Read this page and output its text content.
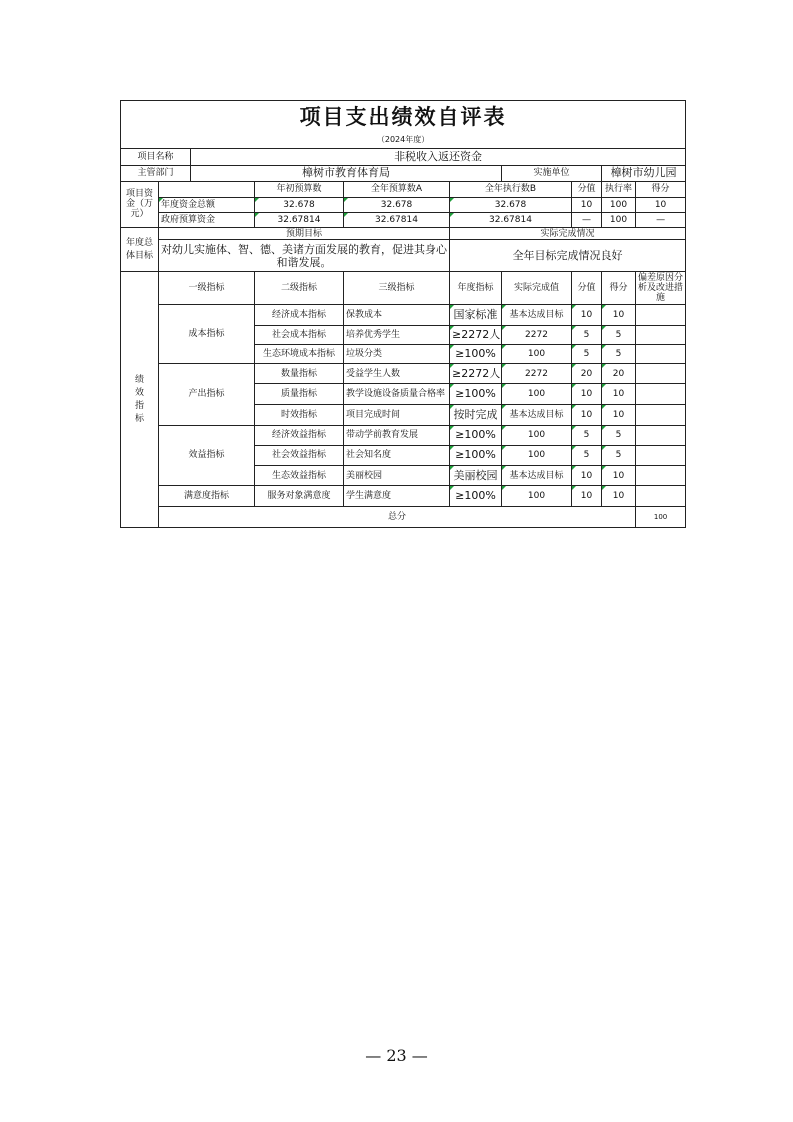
项目支出绩效自评表										
（2024年度）										
项目名称		非税收入返还资金								
主管部门		樟树市教育体育局				实施单位		樟树市幼儿园		
项目资金（万元）			年初预算数	全年预算数A	全年执行数B		分值	执行率	得分	
	年度资金总额		32.678	32.678	32.678		10	100	10	
	政府预算资金		32.67814	32.67814	32.67814		—	100	—	
年度总体目标	预期目标				实际完成情况					
	对幼儿实施体、智、德、美诸方面发展的教育，促进其身心和谐发展。				全年目标完成情况良好					
绩效指标	一级指标		二级指标	三级指标	年度指标	实际完成值	分值	得分	偏差原因分析及改进措施	
	成本指标		经济成本指标	保教成本	国家标准	基本达成目标	10	10		
			社会成本指标	培养优秀学生	≥2272人	2272	5	5		
			生态环境成本指标	垃圾分类	≥100%	100	5	5		
	产出指标		数量指标	受益学生人数	≥2272人	2272	20	20		
			质量指标	教学设施设备质量合格率	≥100%	100	10	10		
			时效指标	项目完成时间	按时完成	基本达成目标	10	10		
	效益指标		经济效益指标	带动学前教育发展	≥100%	100	5	5		
			社会效益指标	社会知名度	≥100%	100	5	5		
			生态效益指标	美丽校园	美丽校园	基本达成目标	10	10		
	满意度指标		服务对象满意度	学生满意度	≥100%	100	10	10		
	总分								100		
— 23 —
